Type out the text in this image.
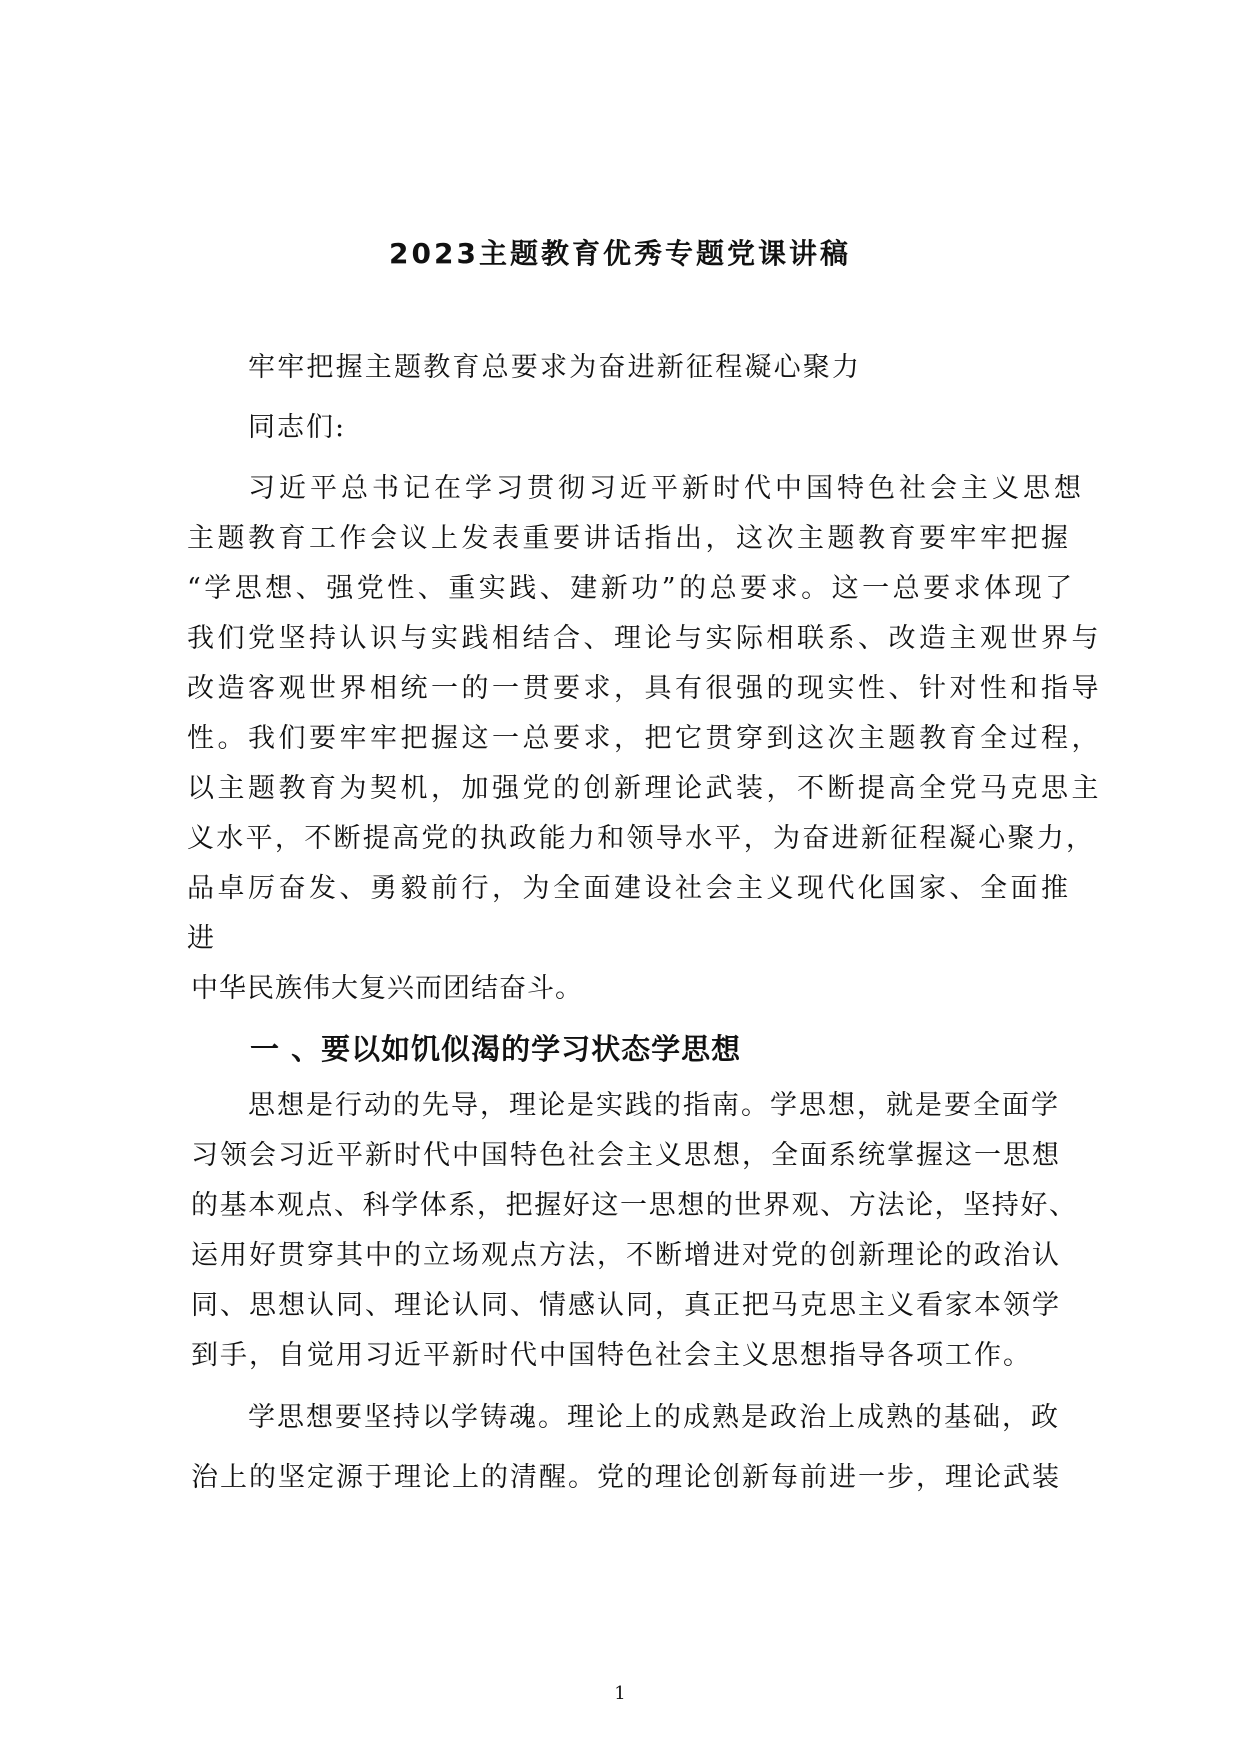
2023主题教育优秀专题党课讲稿
牢牢把握主题教育总要求为奋进新征程凝心聚力
同志们:
习近平总书记在学习贯彻习近平新时代中国特色社会主义思想
主题教育工作会议上发表重要讲话指出，这次主题教育要牢牢把握
“学思想、强党性、重实践、建新功”的总要求。这一总要求体现了
我们党坚持认识与实践相结合、理论与实际相联系、改造主观世界与
改造客观世界相统一的一贯要求，具有很强的现实性、针对性和指导
性。我们要牢牢把握这一总要求，把它贯穿到这次主题教育全过程，
以主题教育为契机，加强党的创新理论武装，不断提高全党马克思主
义水平，不断提高党的执政能力和领导水平，为奋进新征程凝心聚力，
品卓厉奋发、勇毅前行，为全面建设社会主义现代化国家、全面推
进
中华民族伟大复兴而团结奋斗。
一 、要以如饥似渴的学习状态学思想
思想是行动的先导，理论是实践的指南。学思想，就是要全面学
习领会习近平新时代中国特色社会主义思想，全面系统掌握这一思想
的基本观点、科学体系，把握好这一思想的世界观、方法论，坚持好、
运用好贯穿其中的立场观点方法，不断增进对党的创新理论的政治认
同、思想认同、理论认同、情感认同，真正把马克思主义看家本领学
到手，自觉用习近平新时代中国特色社会主义思想指导各项工作。
学思想要坚持以学铸魂。理论上的成熟是政治上成熟的基础，政
治上的坚定源于理论上的清醒。党的理论创新每前进一步，理论武装
1
